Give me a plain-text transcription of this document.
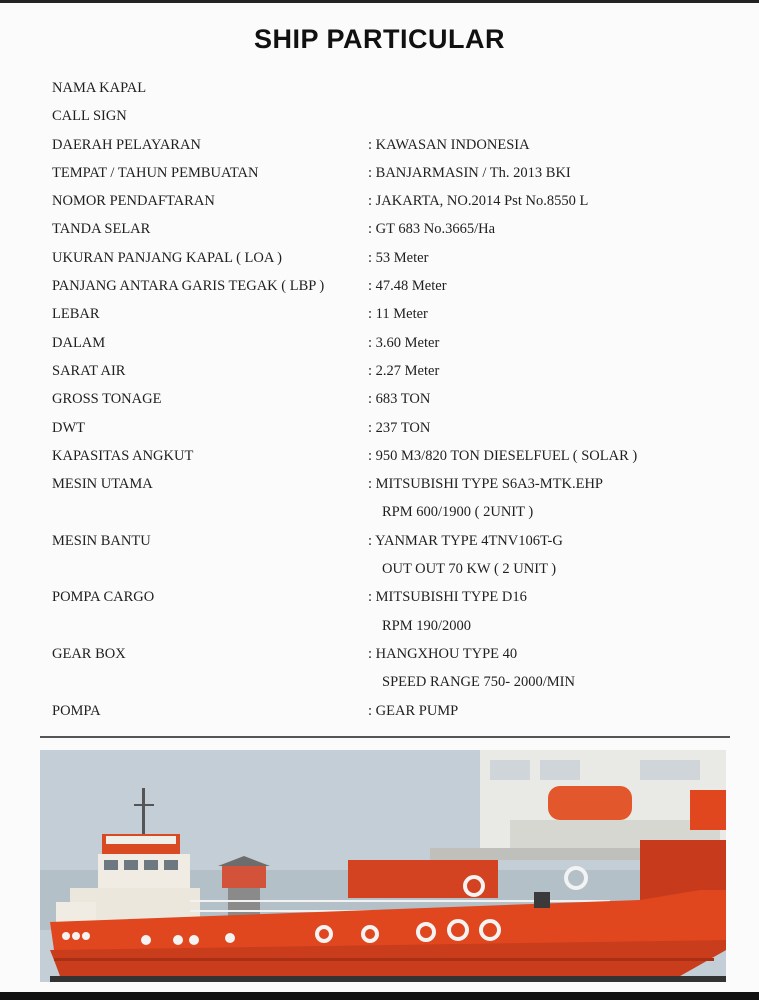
SHIP PARTICULAR
NAMA KAPAL
CALL SIGN
DAERAH PELAYARAN	: KAWASAN INDONESIA
TEMPAT / TAHUN PEMBUATAN	: BANJARMASIN / Th. 2013 BKI
NOMOR PENDAFTARAN	: JAKARTA, NO.2014 Pst No.8550 L
TANDA SELAR	: GT 683 No.3665/Ha
UKURAN PANJANG KAPAL ( LOA )	: 53 Meter
PANJANG ANTARA GARIS TEGAK ( LBP )	: 47.48 Meter
LEBAR	: 11 Meter
DALAM	: 3.60 Meter
SARAT AIR	: 2.27 Meter
GROSS TONAGE	: 683 TON
DWT	: 237 TON
KAPASITAS ANGKUT	: 950 M3/820 TON DIESELFUEL ( SOLAR )
MESIN UTAMA	: MITSUBISHI TYPE S6A3-MTK.EHP
RPM 600/1900 ( 2UNIT )
MESIN BANTU	: YANMAR TYPE 4TNV106T-G
OUT OUT 70 KW ( 2 UNIT )
POMPA CARGO	: MITSUBISHI TYPE D16
RPM 190/2000
GEAR BOX	: HANGXHOU TYPE 40
SPEED RANGE 750- 2000/MIN
POMPA	: GEAR PUMP
